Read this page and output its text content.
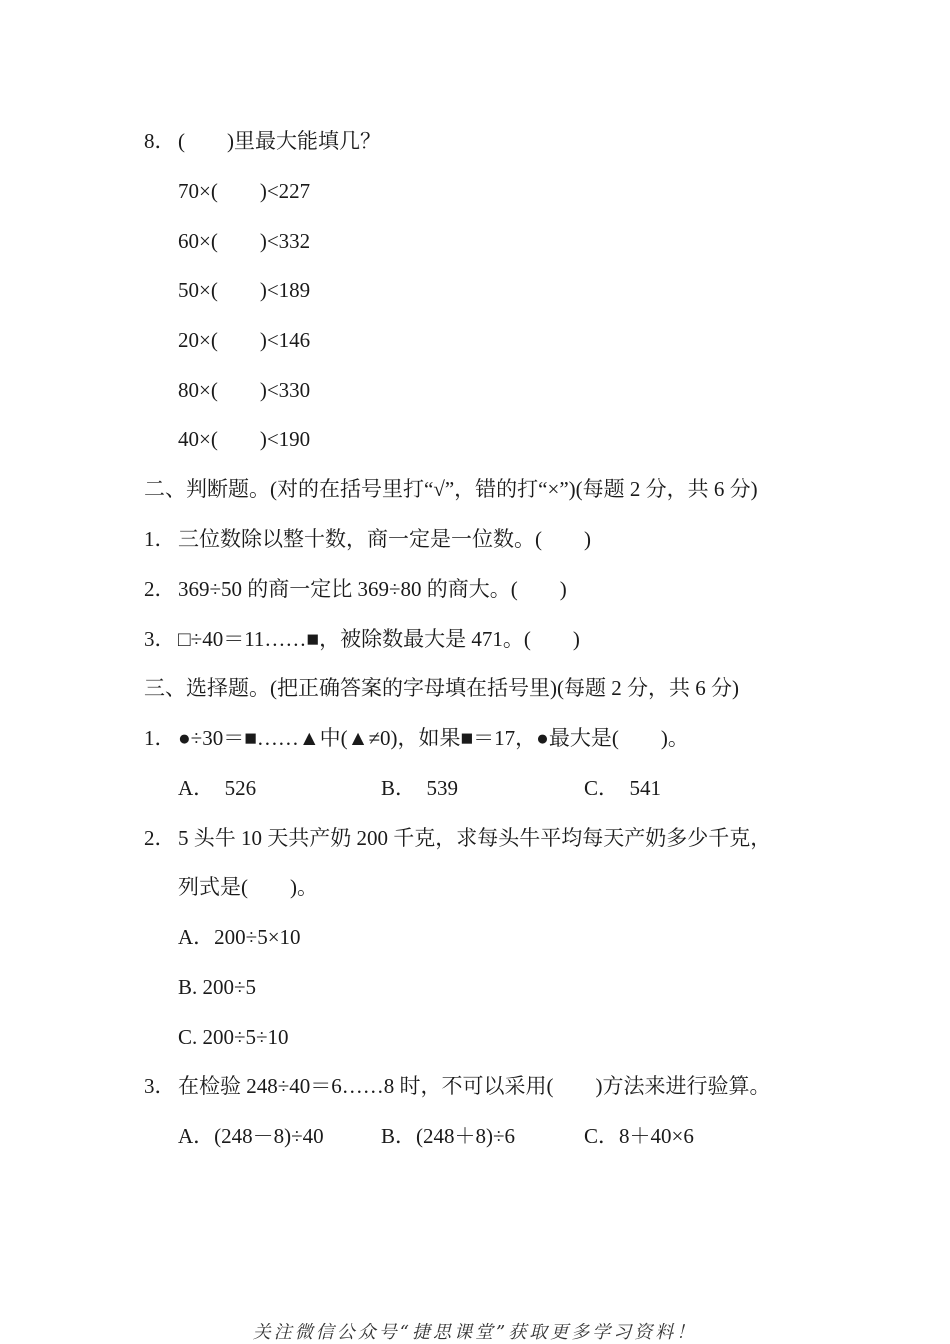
8． (　　)里最大能填几？
70×(　　)<227
60×(　　)<332
50×(　　)<189
20×(　　)<146
80×(　　)<330
40×(　　)<190
二、判断题。(对的在括号里打“√”，错的打“×”)(每题 2 分，共 6 分)
1． 三位数除以整十数，商一定是一位数。(　　)
2． 369÷50 的商一定比 369÷80 的商大。(　　)
3． □÷40＝11……■，被除数最大是 471。(　　)
三、选择题。(把正确答案的字母填在括号里)(每题 2 分，共 6 分)
1． ●÷30＝■……▲中(▲≠0)，如果■＝17，●最大是(　　)。
A．　526	B．　539	C．　541
2． 5 头牛 10 天共产奶 200 千克，求每头牛平均每天产奶多少千克，
列式是(　　)。
A．200÷5×10
B. 200÷5
C. 200÷5÷10
3． 在检验 248÷40＝6……8 时，不可以采用(　　)方法来进行验算。
A．(248－8)÷40	B．(248＋8)÷6	C．8＋40×6
关注微信公众号“捷思课堂”获取更多学习资料！
